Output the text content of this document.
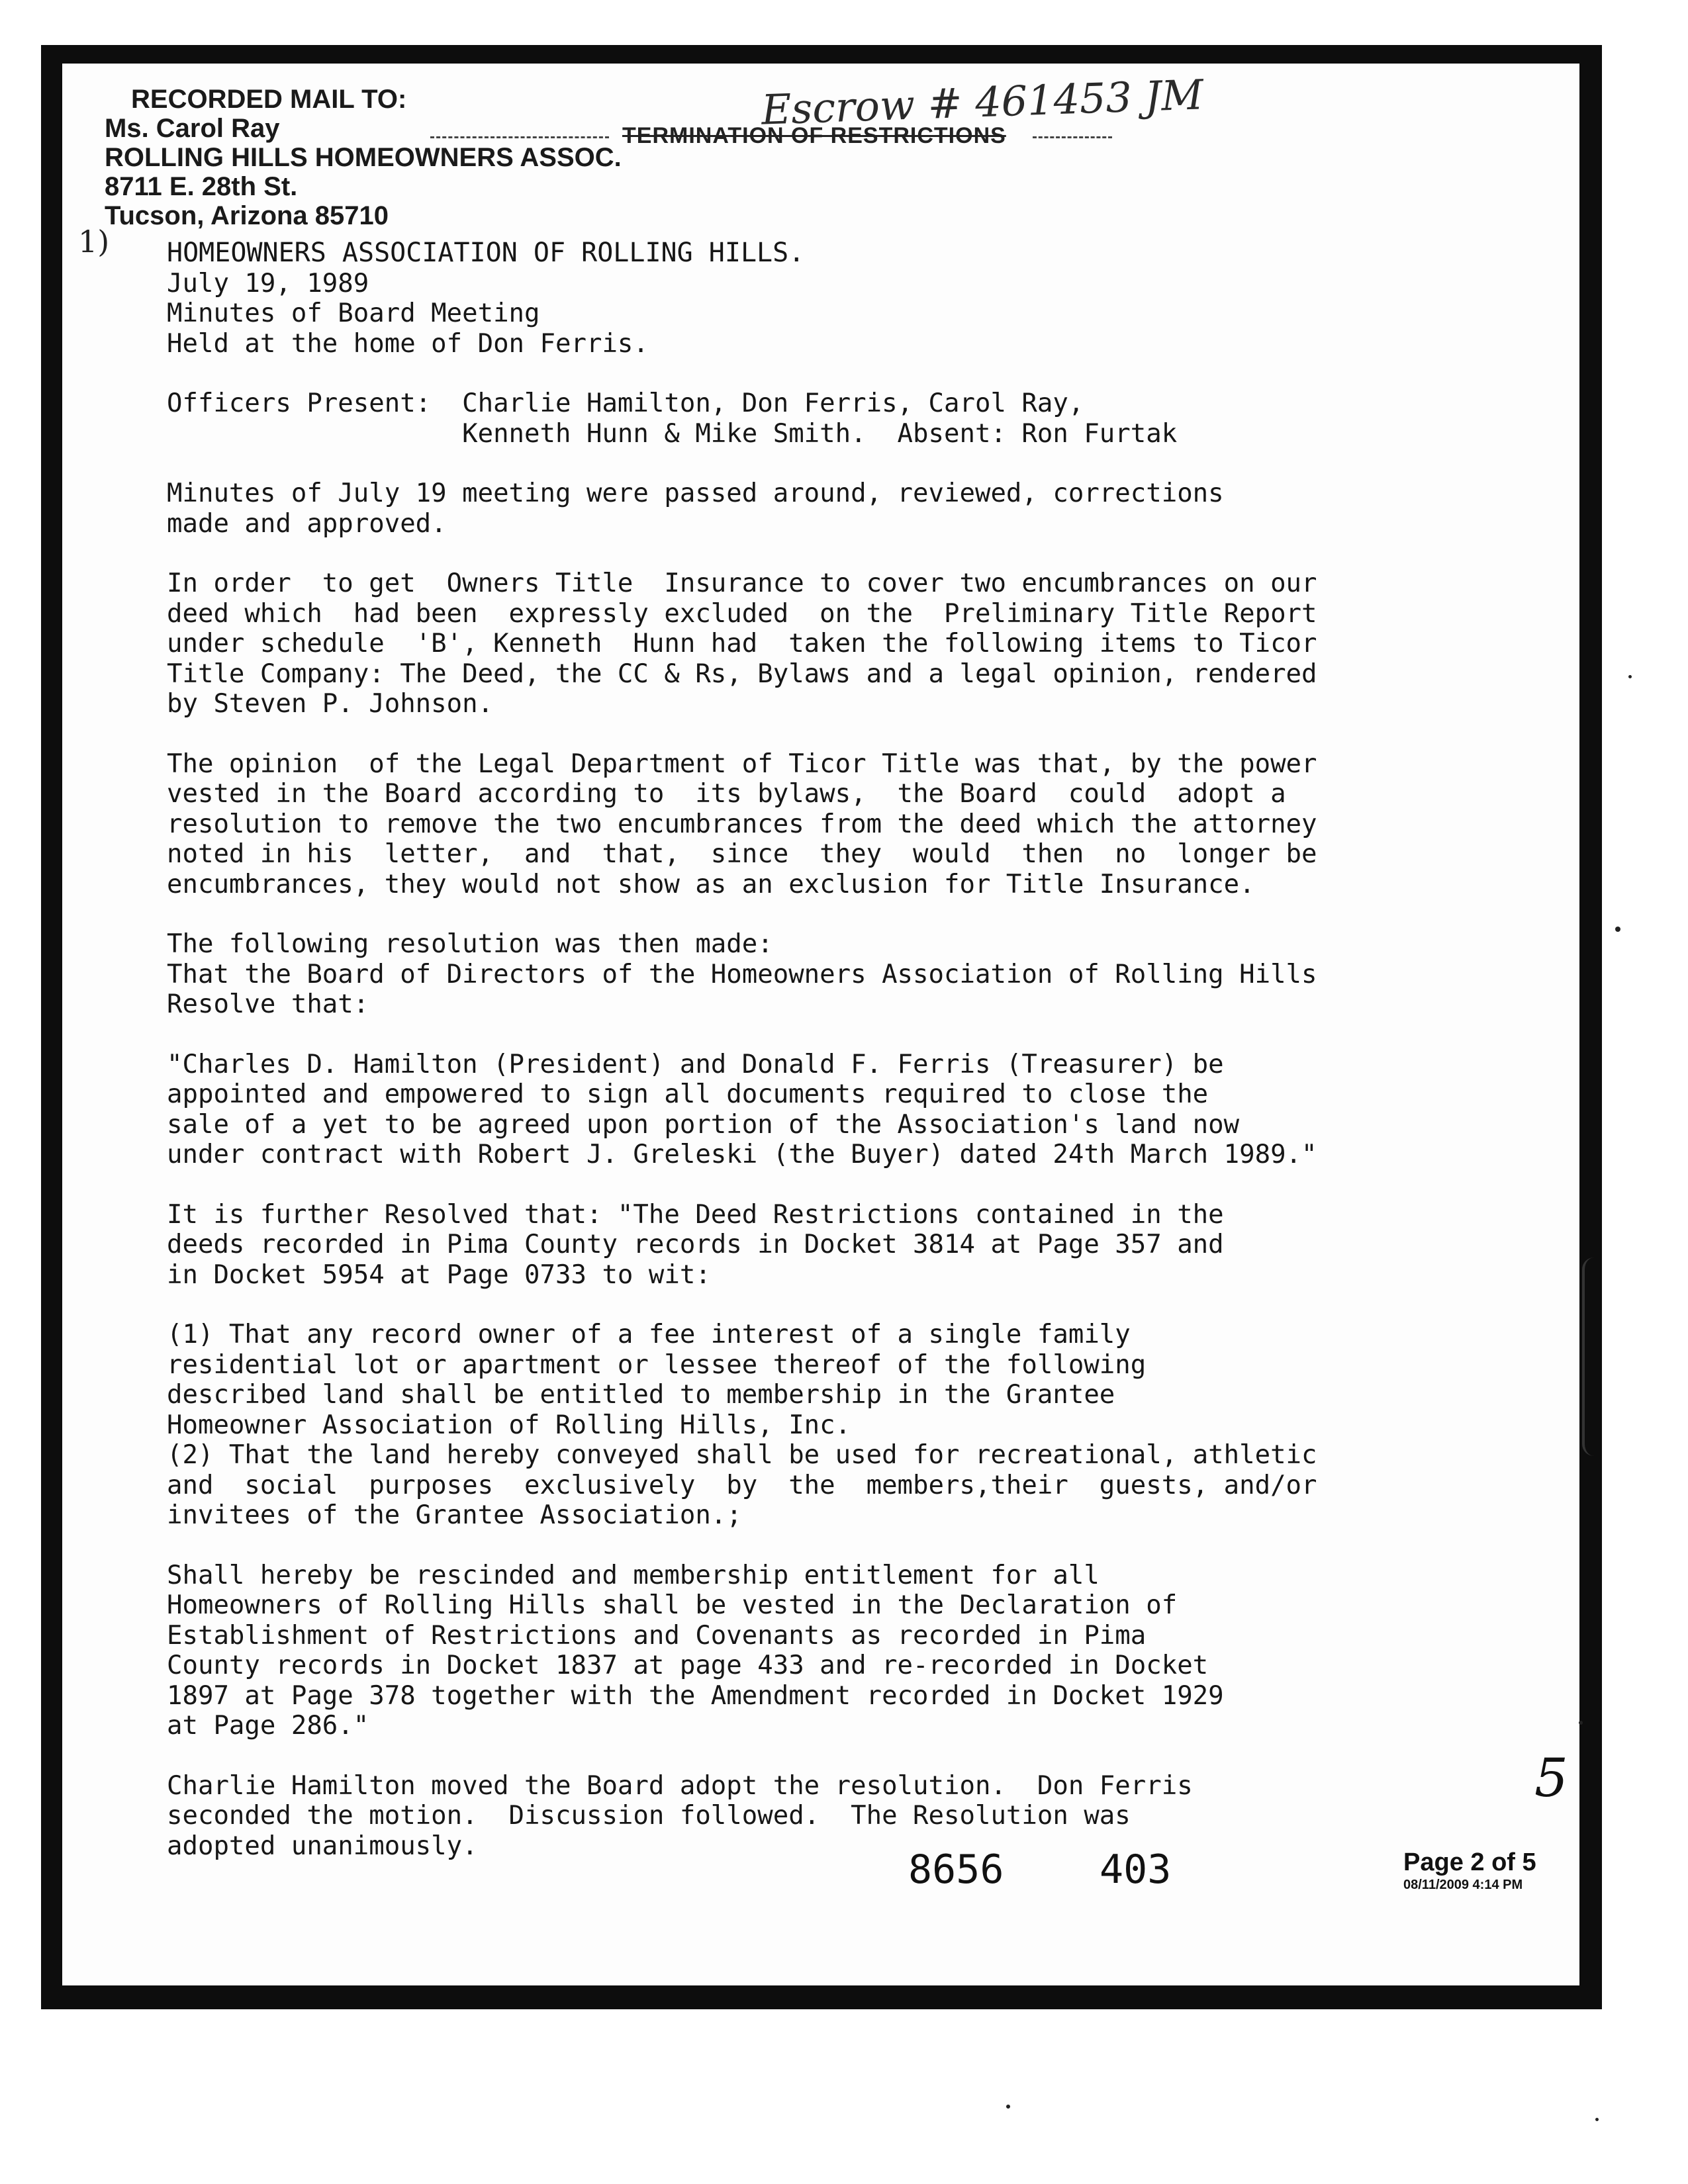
RECORDED MAIL TO:
Ms. Carol Ray
ROLLING HILLS HOMEOWNERS ASSOC.
8711 E. 28th St.
Tucson, Arizona 85710
TERMINATION OF RESTRICTIONS
Escrow # 461453 JM
1) HOMEOWNERS ASSOCIATION OF ROLLING HILLS.

July 19, 1989

Minutes of Board Meeting

Held at the home of Don Ferris.

Officers Present:  Charlie Hamilton, Don Ferris, Carol Ray,

Kenneth Hunn & Mike Smith.  Absent: Ron Furtak

Minutes of July 19 meeting were passed around, reviewed, corrections

made and approved.

In order  to get  Owners Title  Insurance to cover two encumbrances on our

deed which  had been  expressly excluded  on the  Preliminary Title Report

under schedule  'B', Kenneth  Hunn had  taken the following items to Ticor

Title Company: The Deed, the CC & Rs, Bylaws and a legal opinion, rendered

by Steven P. Johnson.

The opinion  of the Legal Department of Ticor Title was that, by the power

vested in the Board according to  its bylaws,  the Board  could  adopt a

resolution to remove the two encumbrances from the deed which the attorney

noted in his  letter,  and  that,  since  they  would  then  no  longer be

encumbrances, they would not show as an exclusion for Title Insurance.

The following resolution was then made:

That the Board of Directors of the Homeowners Association of Rolling Hills

Resolve that:

"Charles D. Hamilton (President) and Donald F. Ferris (Treasurer) be

appointed and empowered to sign all documents required to close the

sale of a yet to be agreed upon portion of the Association's land now

under contract with Robert J. Greleski (the Buyer) dated 24th March 1989."

It is further Resolved that: "The Deed Restrictions contained in the

deeds recorded in Pima County records in Docket 3814 at Page 357 and

in Docket 5954 at Page 0733 to wit:

(1) That any record owner of a fee interest of a single family

residential lot or apartment or lessee thereof of the following

described land shall be entitled to membership in the Grantee

Homeowner Association of Rolling Hills, Inc.

(2) That the land hereby conveyed shall be used for recreational, athletic

and  social  purposes  exclusively  by  the  members,their  guests, and/or

invitees of the Grantee Association.;

Shall hereby be rescinded and membership entitlement for all

Homeowners of Rolling Hills shall be vested in the Declaration of

Establishment of Restrictions and Covenants as recorded in Pima

County records in Docket 1837 at page 433 and re-recorded in Docket

1897 at Page 378 together with the Amendment recorded in Docket 1929

at Page 286."

Charlie Hamilton moved the Board adopt the resolution.  Don Ferris

seconded the motion.  Discussion followed.  The Resolution was

adopted unanimously.

5
8656 403	Page 2 of 5
08/11/2009 4:14 PM
